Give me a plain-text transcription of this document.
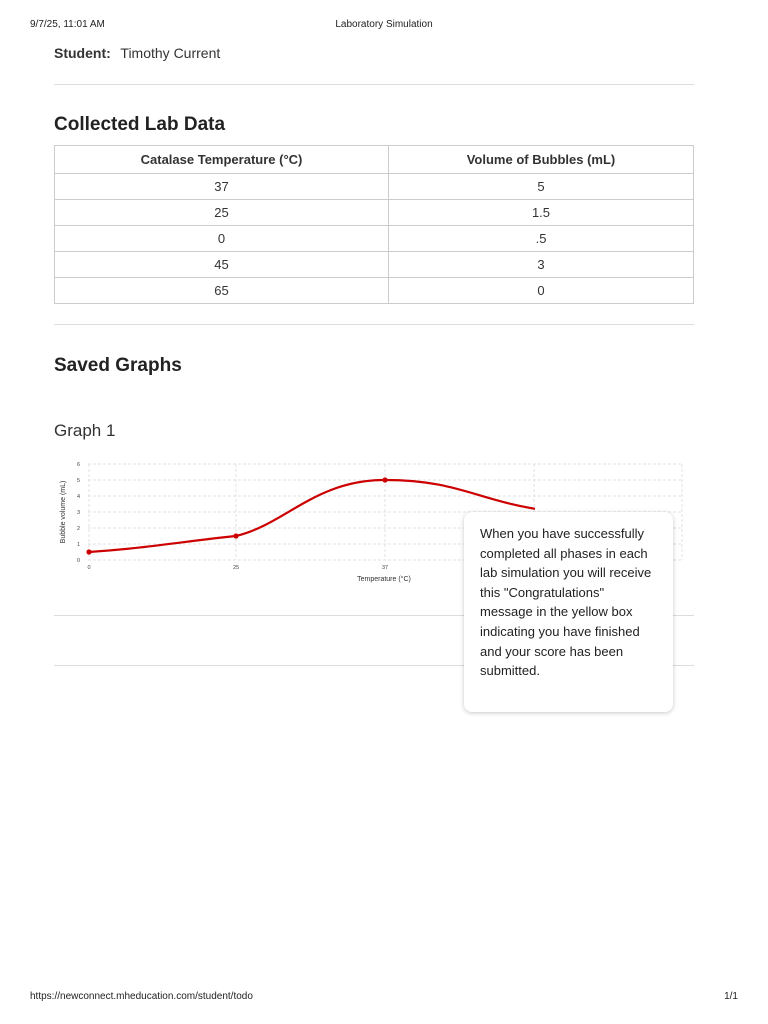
9/7/25, 11:01 AM	Laboratory Simulation
Student: Timothy Current
Collected Lab Data
Catalase Temperature (°C)	Volume of Bubbles (mL)
37	5
25	1.5
0	.5
45	3
65	0
Saved Graphs
Graph 1
0
1
2
3
4
5
6
0	25	37
Temperature (°C)
Bubble volume (mL)	When you have successfully completed all phases in each lab simulation you will receive this "Congratulations" message in the yellow box indicating you have finished and your score has been submitted.
https://newconnect.mheducation.com/student/todo	1/1
